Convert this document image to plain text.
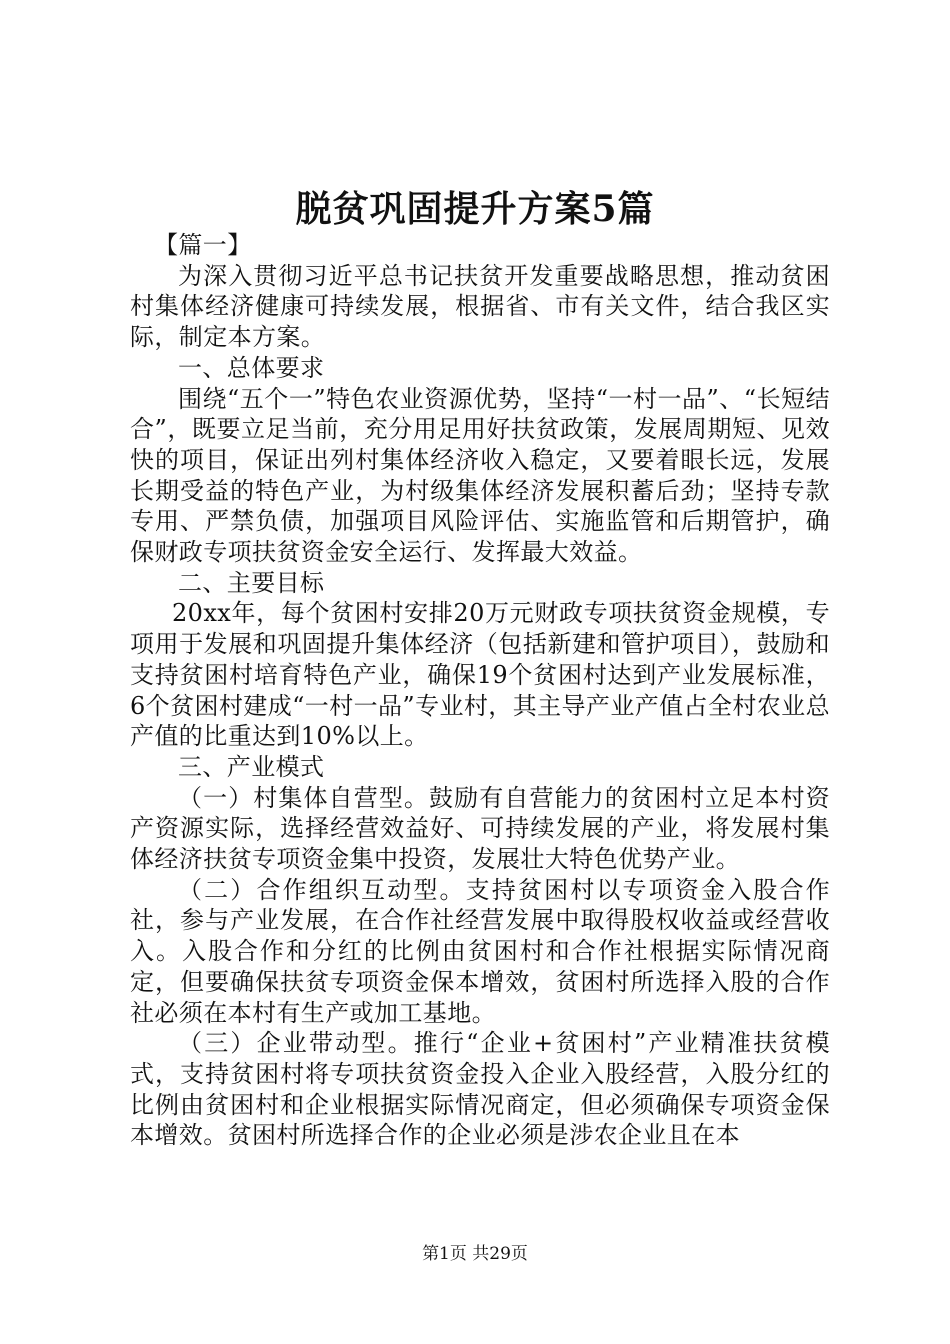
脱贫巩固提升方案5篇

【篇一】

为深入贯彻习近平总书记扶贫开发重要战略思想，推动贫困村集体经济健康可持续发展，根据省、市有关文件，结合我区实际，制定本方案。

一、总体要求

围绕“五个一”特色农业资源优势，坚持“一村一品”、“长短结合”，既要立足当前，充分用足用好扶贫政策，发展周期短、见效快的项目，保证出列村集体经济收入稳定，又要着眼长远，发展长期受益的特色产业，为村级集体经济发展积蓄后劲；坚持专款专用、严禁负债，加强项目风险评估、实施监管和后期管护，确保财政专项扶贫资金安全运行、发挥最大效益。

二、主要目标

20xx年，每个贫困村安排20万元财政专项扶贫资金规模，专项用于发展和巩固提升集体经济（包括新建和管护项目），鼓励和支持贫困村培育特色产业，确保19个贫困村达到产业发展标准，6个贫困村建成“一村一品”专业村，其主导产业产值占全村农业总产值的比重达到10%以上。

三、产业模式

（一）村集体自营型。鼓励有自营能力的贫困村立足本村资产资源实际，选择经营效益好、可持续发展的产业，将发展村集体经济扶贫专项资金集中投资，发展壮大特色优势产业。

（二）合作组织互动型。支持贫困村以专项资金入股合作社，参与产业发展，在合作社经营发展中取得股权收益或经营收入。入股合作和分红的比例由贫困村和合作社根据实际情况商定，但要确保扶贫专项资金保本增效，贫困村所选择入股的合作社必须在本村有生产或加工基地。

（三）企业带动型。推行“企业+贫困村”产业精准扶贫模式，支持贫困村将专项扶贫资金投入企业入股经营，入股分红的比例由贫困村和企业根据实际情况商定，但必须确保专项资金保本增效。贫困村所选择合作的企业必须是涉农企业且在本

第1页 共29页
